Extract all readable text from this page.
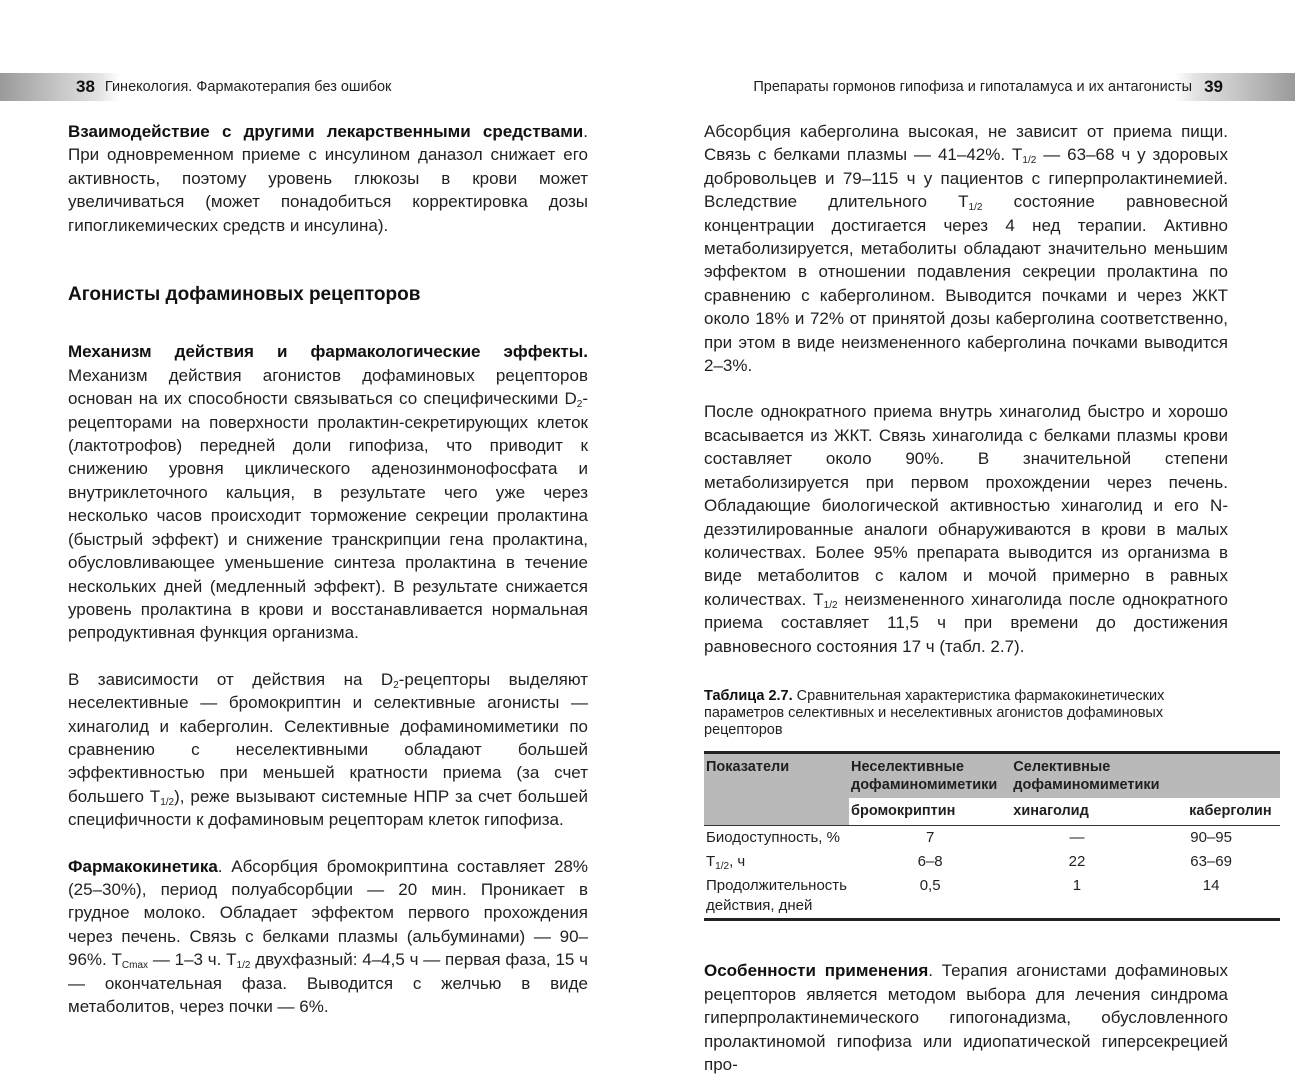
38 Гинекология. Фармакотерапия без ошибок	Препараты гормонов гипофиза и гипоталамуса и их антагонисты 39

Взаимодействие с другими лекарственными средствами. При одновременном приеме с инсулином даназол снижает его активность, поэтому уровень глюкозы в крови может увеличиваться (может понадобиться корректировка дозы гипогликемических средств и инсулина).

Агонисты дофаминовых рецепторов

Механизм действия и фармакологические эффекты. Механизм действия агонистов дофаминовых рецепторов основан на их способности связываться со специфическими $D_2$-рецепторами на поверхности пролактин-секретирующих клеток (лактотрофов) передней доли гипофиза, что приводит к снижению уровня циклического аденозинмонофосфата и внутриклеточного кальция, в результате чего уже через несколько часов происходит торможение секреции пролактина (быстрый эффект) и снижение транскрипции гена пролактина, обусловливающее уменьшение синтеза пролактина в течение нескольких дней (медленный эффект). В результате снижается уровень пролактина в крови и восстанавливается нормальная репродуктивная функция организма.

В зависимости от действия на $D_2$-рецепторы выделяют неселективные — бромокриптин и селективные агонисты — хинаголид и каберголин. Селективные дофаминомиметики по сравнению с неселективными обладают большей эффективностью при меньшей кратности приема (за счет большего $T_{1/2}$), реже вызывают системные НПР за счет большей специфичности к дофаминовым рецепторам клеток гипофиза.

Фармакокинетика. Абсорбция бромокриптина составляет 28% (25–30%), период полуабсорбции — 20 мин. Проникает в грудное молоко. Обладает эффектом первого прохождения через печень. Связь с белками плазмы (альбуминами) — 90–96%. $T_{Cmax}$ — 1–3 ч. $T_{1/2}$ двухфазный: 4–4,5 ч — первая фаза, 15 ч — окончательная фаза. Выводится с желчью в виде метаболитов, через почки — 6%.

Абсорбция каберголина высокая, не зависит от приема пищи. Связь с белками плазмы — 41–42%. $T_{1/2}$ — 63–68 ч у здоровых добровольцев и 79–115 ч у пациентов с гиперпролактинемией. Вследствие длительного $T_{1/2}$ состояние равновесной концентрации достигается через 4 нед терапии. Активно метаболизируется, метаболиты обладают значительно меньшим эффектом в отношении подавления секреции пролактина по сравнению с каберголином. Выводится почками и через ЖКТ около 18% и 72% от принятой дозы каберголина соответственно, при этом в виде неизмененного каберголина почками выводится 2–3%.

После однократного приема внутрь хинаголид быстро и хорошо всасывается из ЖКТ. Связь хинаголида с белками плазмы крови составляет около 90%. В значительной степени метаболизируется при первом прохождении через печень. Обладающие биологической активностью хинаголид и его N-дезэтилированные аналоги обнаруживаются в крови в малых количествах. Более 95% препарата выводится из организма в виде метаболитов с калом и мочой примерно в равных количествах. $T_{1/2}$ неизмененного хинаголида после однократного приема составляет 11,5 ч при времени до достижения равновесного состояния 17 ч (табл. 2.7).

Таблица 2.7. Сравнительная характеристика фармакокинетических параметров селективных и неселективных агонистов дофаминовых рецепторов

Показатели	Неселективные дофаминомиметики	Селективные дофаминомиметики	
	бромокриптин	хинаголид	каберголин
Биодоступность, %	7	—	90–95
$T_{1/2}$, ч	6–8	22	63–69
Продолжительность действия, дней	0,5	1	14

Особенности применения. Терапия агонистами дофаминовых рецепторов является методом выбора для лечения синдрома гиперпролактинемического гипогонадизма, обусловленного пролактиномой гипофиза или идиопатической гиперсекрецией про-
